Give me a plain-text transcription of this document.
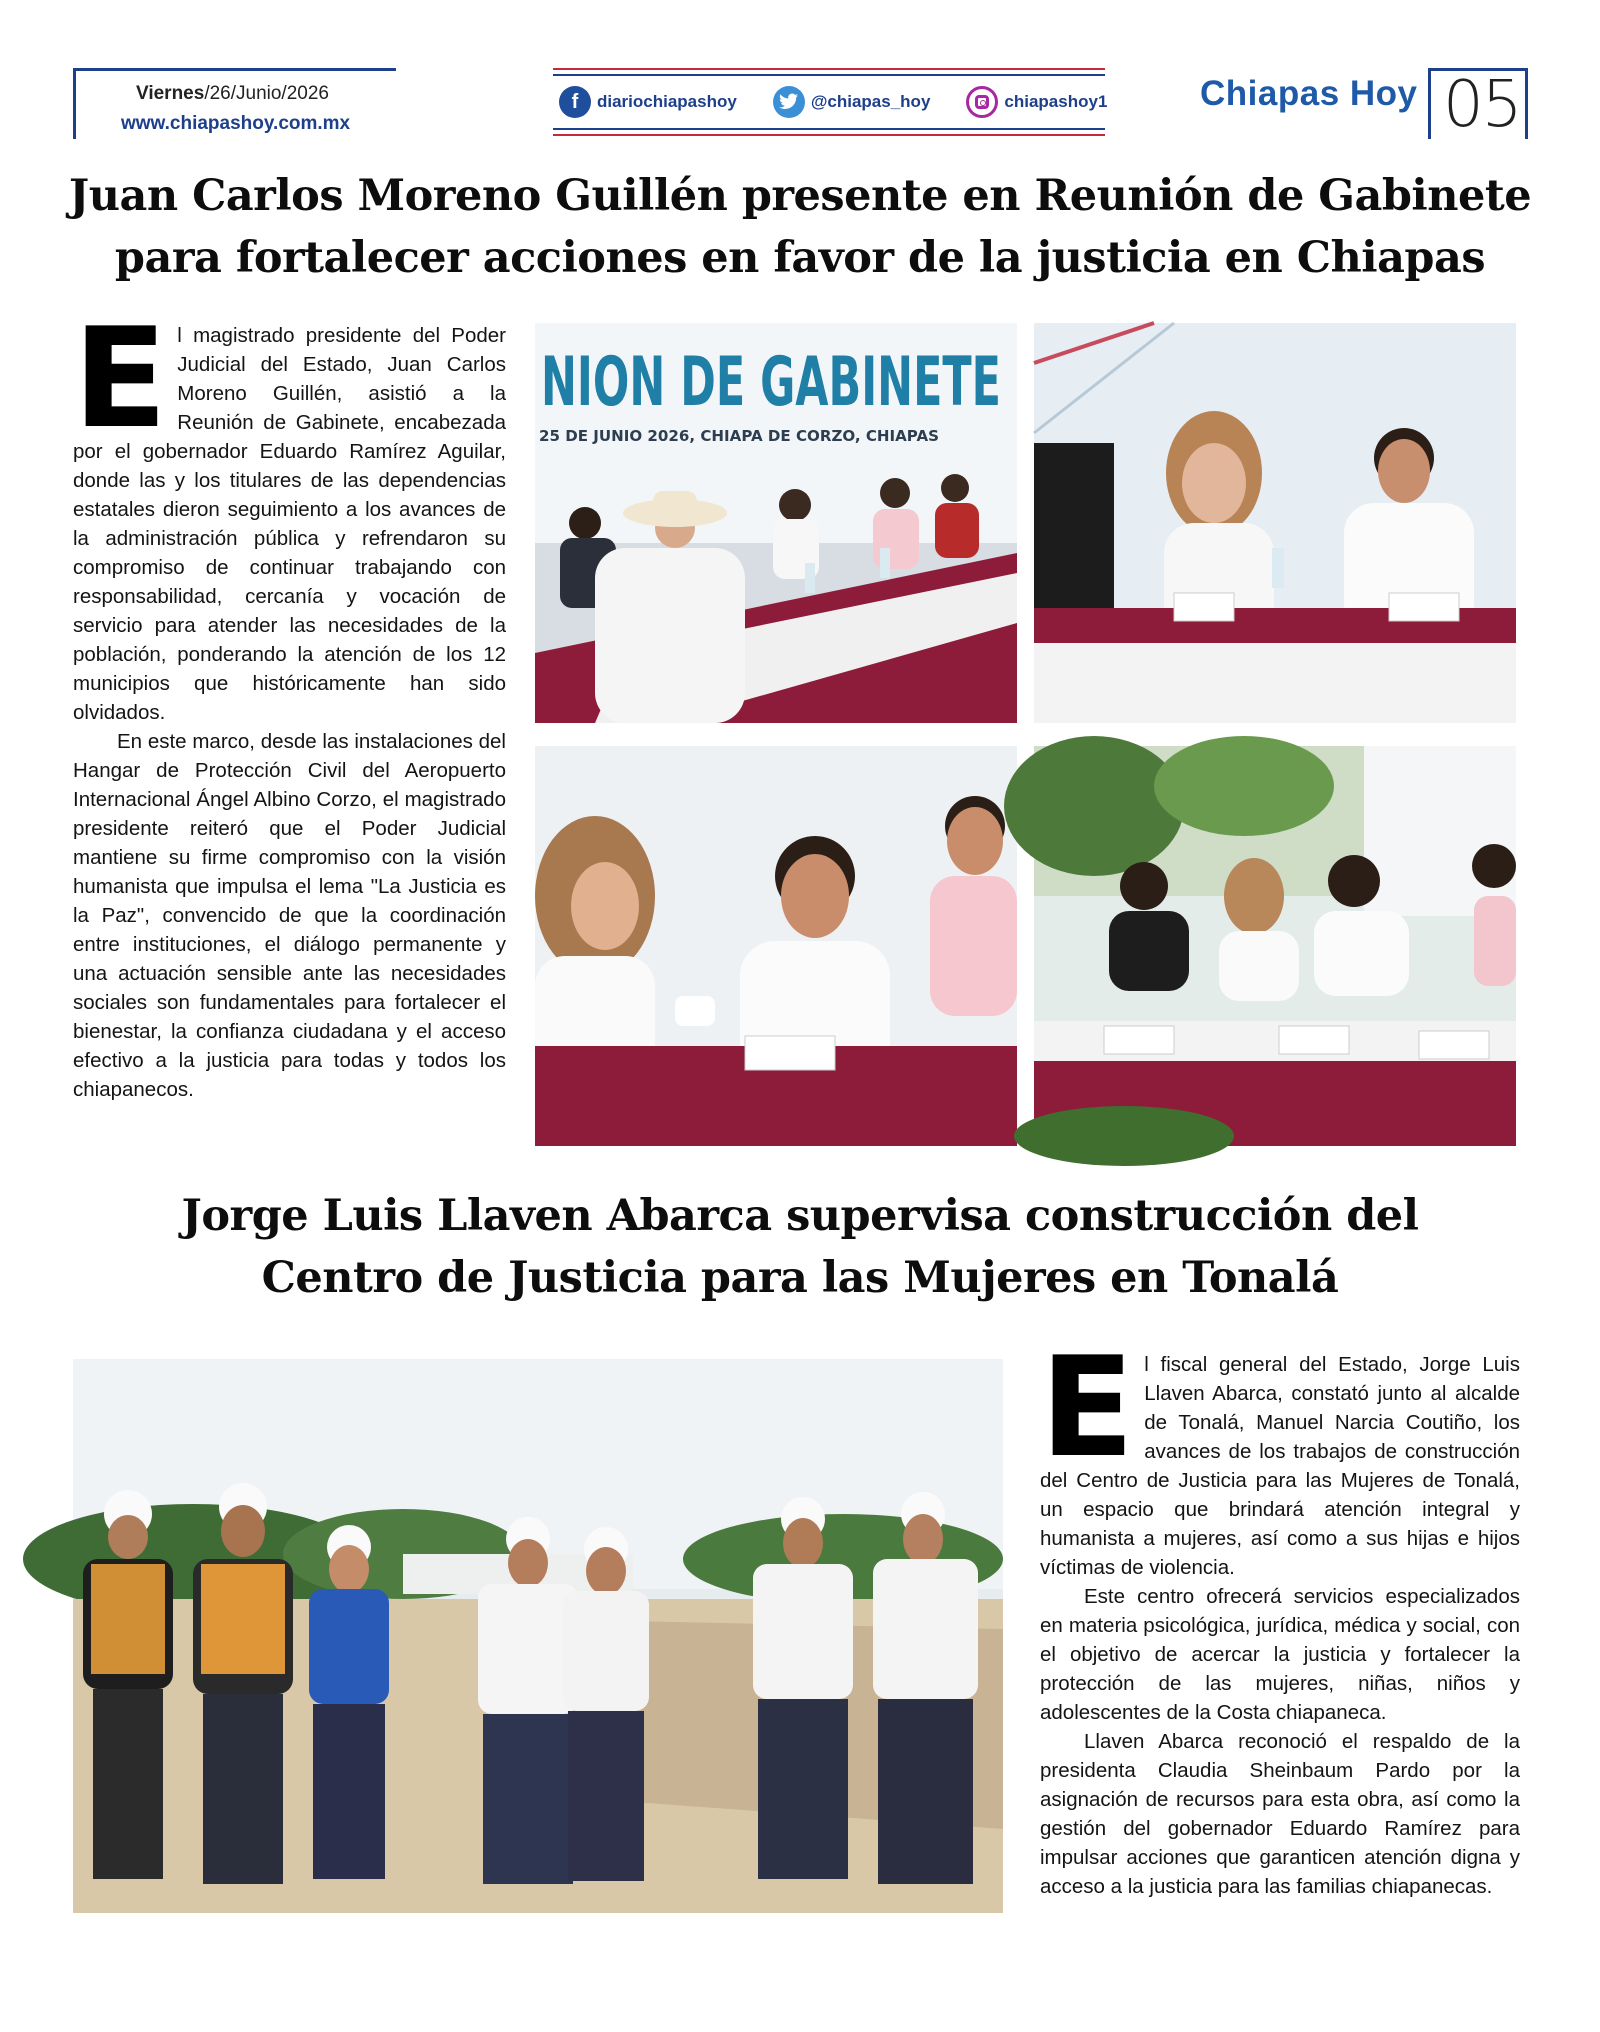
Viernes/26/Junio/2026
www.chiapashoy.com.mx
f	diariochiapashoy	@chiapas_hoy	chiapashoy1	Chiapas Hoy 05
Juan Carlos Moreno Guillén presente en Reunión de Gabinete
para fortalecer acciones en favor de la justicia en Chiapas

El magistrado presidente del Poder Judicial del Estado, Juan Carlos Moreno Guillén, asistió a la Reunión de Gabinete, encabezada por el gobernador Eduardo Ramírez Aguilar, donde las y los titulares de las dependencias estatales dieron seguimiento a los avances de la administración pública y refrendaron su compromiso de continuar trabajando con responsabilidad, cercanía y vocación de servicio para atender las necesidades de la población, ponderando la atención de los 12 municipios que históricamente han sido olvidados.

En este marco, desde las instalaciones del Hangar de Protección Civil del Aeropuerto Internacional Ángel Albino Corzo, el magistrado presidente reiteró que el Poder Judicial mantiene su firme compromiso con la visión humanista que impulsa el lema "La Justicia es la Paz", convencido de que la coordinación entre instituciones, el diálogo permanente y una actuación sensible ante las necesidades sociales son fundamentales para fortalecer el bienestar, la confianza ciudadana y el acceso efectivo a la justicia para todas y todos los chiapanecos.

NION DE GABINETE
25 DE JUNIO 2026, CHIAPA DE CORZO, CHIAPAS
Jorge Luis Llaven Abarca supervisa construcción del
Centro de Justicia para las Mujeres en Tonalá

El fiscal general del Estado, Jorge Luis Llaven Abarca, constató junto al alcalde de Tonalá, Manuel Narcia Coutiño, los avances de los trabajos de construcción del Centro de Justicia para las Mujeres de Tonalá, un espacio que brindará atención integral y humanista a mujeres, así como a sus hijas e hijos víctimas de violencia.

Este centro ofrecerá servicios especializados en materia psicológica, jurídica, médica y social, con el objetivo de acercar la justicia y fortalecer la protección de las mujeres, niñas, niños y adolescentes de la Costa chiapaneca.

Llaven Abarca reconoció el respaldo de la presidenta Claudia Sheinbaum Pardo por la asignación de recursos para esta obra, así como la gestión del gobernador Eduardo Ramírez para impulsar acciones que garanticen atención digna y acceso a la justicia para las familias chiapanecas.
